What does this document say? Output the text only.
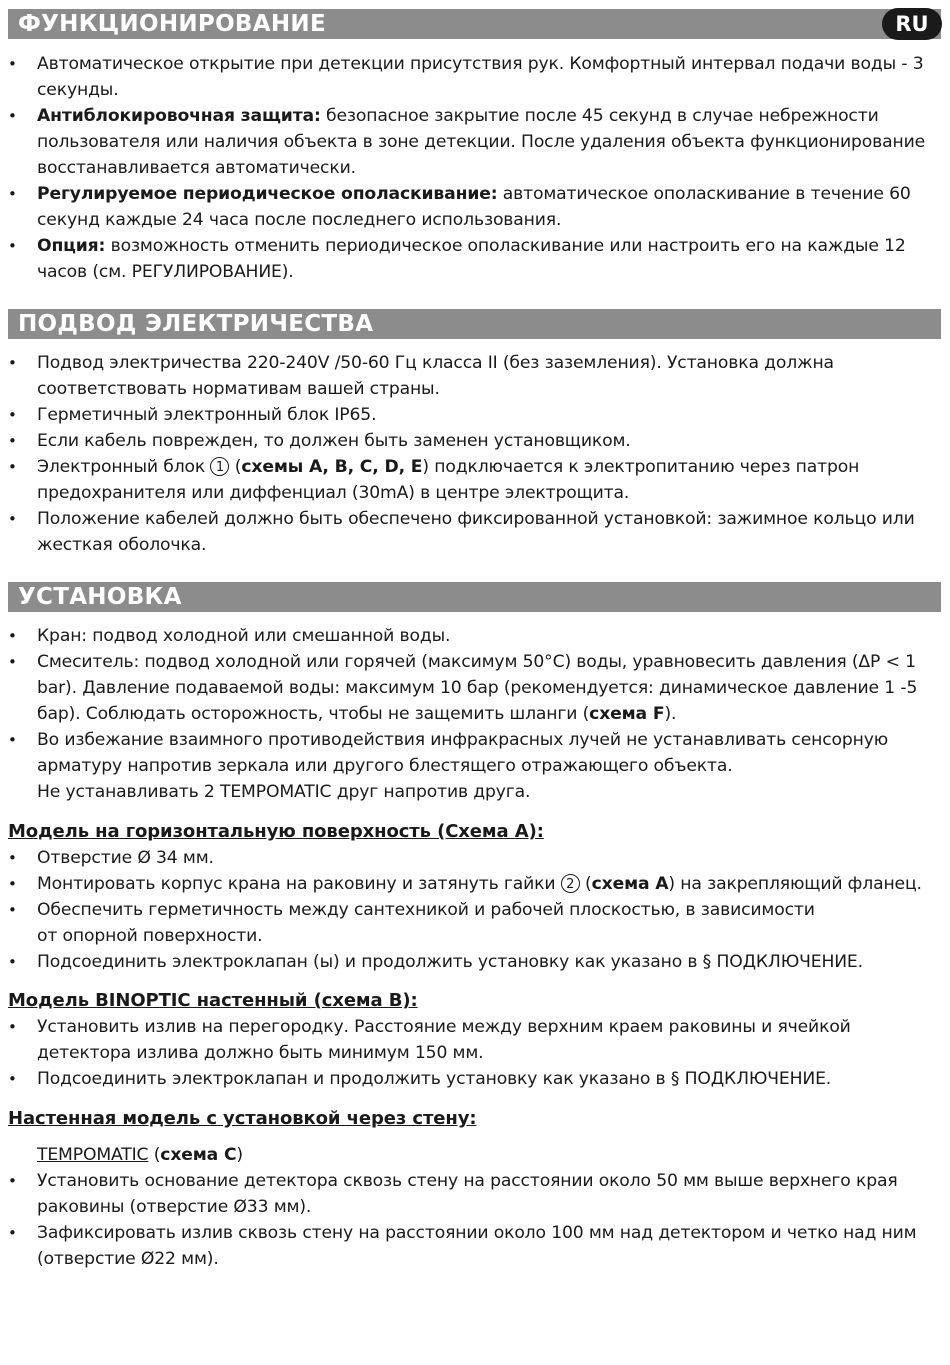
ФУНКЦИОНИРОВАНИЕ	RU
• Автоматическое открытие при детекции присутствия рук. Комфортный интервал подачи воды - 3 секунды.
• Антиблокировочная защита: безопасное закрытие после 45 секунд в случае небрежности пользователя или наличия объекта в зоне детекции. После удаления объекта функционирование восстанавливается автоматически.
• Регулируемое периодическое ополаскивание: автоматическое ополаскивание в течение 60 секунд каждые 24 часа после последнего использования.
• Опция: возможность отменить периодическое ополаскивание или настроить его на каждые 12 часов (см. РЕГУЛИРОВАНИЕ).
ПОДВОД ЭЛЕКТРИЧЕСТВА
• Подвод электричества 220-240V /50-60 Гц класса II (без заземления). Установка должна соответствовать нормативам вашей страны.
• Герметичный электронный блок IP65.
• Если кабель поврежден, то должен быть заменен установщиком.
• Электронный блок 1 (схемы A, B, C, D, E) подключается к электропитанию через патрон предохранителя или диффенциал (30mA) в центре электрощита.
• Положение кабелей должно быть обеспечено фиксированной установкой: зажимное кольцо или жесткая оболочка.
УСТАНОВКА
• Кран: подвод холодной или смешанной воды.
• Смеситель: подвод холодной или горячей (максимум 50°C) воды, уравновесить давления (ΔP < 1 bar). Давление подаваемой воды: максимум 10 бар (рекомендуется: динамическое давление 1 -5 бар). Соблюдать осторожность, чтобы не защемить шланги (схема F).
• Во избежание взаимного противодействия инфракрасных лучей не устанавливать сенсорную арматуру напротив зеркала или другого блестящего отражающего объекта.
Не устанавливать 2 TEMPOMATIC друг напротив друга.
Модель на горизонтальную поверхность (Схема A):
• Отверстие Ø 34 мм.
• Монтировать корпус крана на раковину и затянуть гайки 2 (схема A) на закрепляющий фланец.
• Обеспечить герметичность между сантехникой и рабочей плоскостью, в зависимости
от опорной поверхности.
• Подсоединить электроклапан (ы) и продолжить установку как указано в § ПОДКЛЮЧЕНИЕ.
Модель BINOPTIC настенный (схема B):
• Установить излив на перегородку. Расстояние между верхним краем раковины и ячейкой детектора излива должно быть минимум 150 мм.
• Подсоединить электроклапан и продолжить установку как указано в § ПОДКЛЮЧЕНИЕ.
Настенная модель с установкой через стену:
TEMPOMATIC (схема C)
• Установить основание детектора сквозь стену на расстоянии около 50 мм выше верхнего края раковины (отверстие Ø33 мм).
• Зафиксировать излив сквозь стену на расстоянии около 100 мм над детектором и четко над ним (отверстие Ø22 мм).
